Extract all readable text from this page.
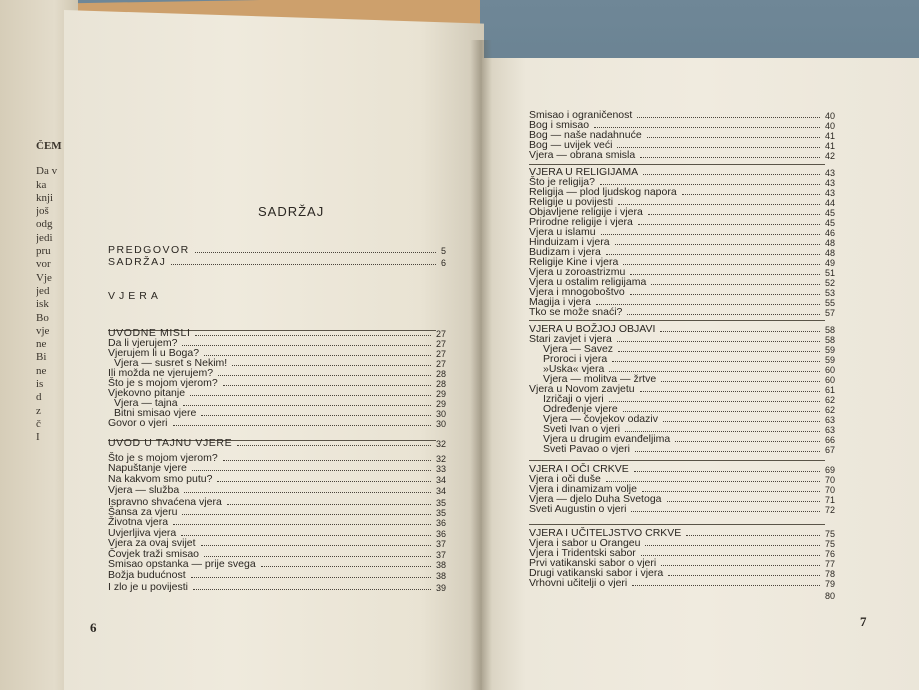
ČEM
Da v
ka
knji
još
odg
jedi
pru
vor
Vje
jed
isk
Bo
vje
ne
Bi
ne
is
d
z
č
I
SADRŽAJ
PREDGOVOR	5
SADRŽAJ	6
VJERA
UVODNE MISLI	27
Da li vjerujem?	27
Vjerujem li u Boga?	27
Vjera — susret s Nekim!	27
Ili možda ne vjerujem?	28
Što je s mojom vjerom?	28
Vjekovno pitanje	29
Vjera — tajna	29
Bitni smisao vjere	30
Govor o vjeri	30
UVOD U TAJNU VJERE	32
Što je s mojom vjerom?	32
Napuštanje vjere	33
Na kakvom smo putu?	34
Vjera — služba	34
Ispravno shvaćena vjera	35
Šansa za vjeru	35
Životna vjera	36
Uvjerljiva vjera	36
Vjera za ovaj svijet	37
Čovjek traži smisao	37
Smisao opstanka — prije svega	38
Božja budućnost	38
I zlo je u povijesti	39
6
Smisao i ograničenost	40
Bog i smisao	40
Bog — naše nadahnuće	41
Bog — uvijek veći	41
Vjera — obrana smisla	42
VJERA U RELIGIJAMA	43
Što je religija?	43
Religija — plod ljudskog napora	43
Religije u povijesti	44
Objavljene religije i vjera	45
Prirodne religije i vjera	45
Vjera u islamu	46
Hinduizam i vjera	48
Budizam i vjera	48
Religije Kine i vjera	49
Vjera u zoroastrizmu	51
Vjera u ostalim religijama	52
Vjera i mnogoboštvo	53
Magija i vjera	55
Tko se može snaći?	57
VJERA U BOŽJOJ OBJAVI	58
Stari zavjet i vjera	58
Vjera — Savez	59
Proroci i vjera	59
»Uska« vjera	60
Vjera — molitva — žrtve	60
Vjera u Novom zavjetu	61
Izričaji o vjeri	62
Određenje vjere	62
Vjera — čovjekov odaziv	63
Sveti Ivan o vjeri	63
Vjera u drugim evanđeljima	66
Sveti Pavao o vjeri	67
VJERA I OČI CRKVE	69
Vjera i oči duše	70
Vjera i dinamizam volje	70
Vjera — djelo Duha Svetoga	71
Sveti Augustin o vjeri	72
VJERA I UČITELJSTVO CRKVE	75
Vjera i sabor u Orangeu	75
Vjera i Tridentski sabor	76
Prvi vatikanski sabor o vjeri	77
Drugi vatikanski sabor i vjera	78
Vrhovni učitelji o vjeri	79
80
7
